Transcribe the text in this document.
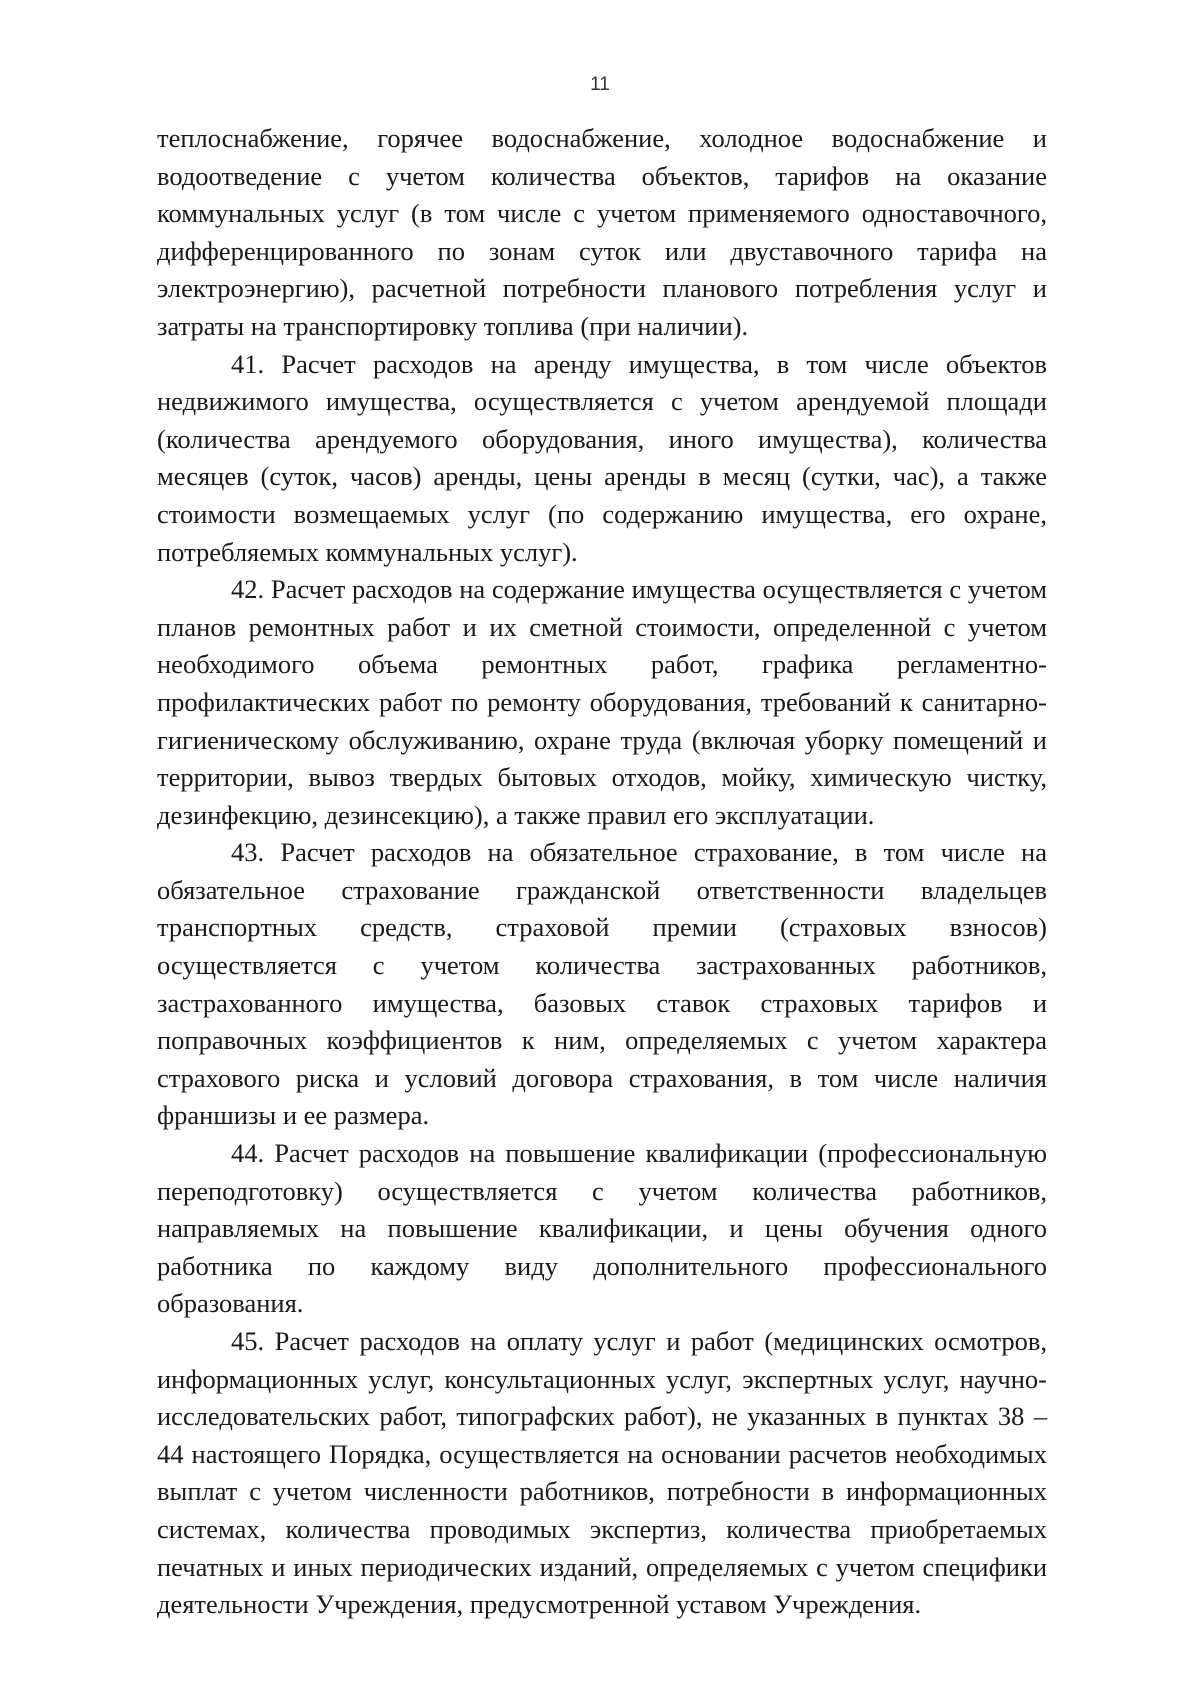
11

теплоснабжение, горячее водоснабжение, холодное водоснабжение и водоотведение с учетом количества объектов, тарифов на оказание коммунальных услуг (в том числе с учетом применяемого одноставочного, дифференцированного по зонам суток или двуставочного тарифа на электроэнергию), расчетной потребности планового потребления услуг и затраты на транспортировку топлива (при наличии).

41. Расчет расходов на аренду имущества, в том числе объектов недвижимого имущества, осуществляется с учетом арендуемой площади (количества арендуемого оборудования, иного имущества), количества месяцев (суток, часов) аренды, цены аренды в месяц (сутки, час), а также стоимости возмещаемых услуг (по содержанию имущества, его охране, потребляемых коммунальных услуг).

42. Расчет расходов на содержание имущества осуществляется с учетом планов ремонтных работ и их сметной стоимости, определенной с учетом необходимого объема ремонтных работ, графика регламентно-профилактических работ по ремонту оборудования, требований к санитарно-гигиеническому обслуживанию, охране труда (включая уборку помещений и территории, вывоз твердых бытовых отходов, мойку, химическую чистку, дезинфекцию, дезинсекцию), а также правил его эксплуатации.

43. Расчет расходов на обязательное страхование, в том числе на обязательное страхование гражданской ответственности владельцев транспортных средств, страховой премии (страховых взносов) осуществляется с учетом количества застрахованных работников, застрахованного имущества, базовых ставок страховых тарифов и поправочных коэффициентов к ним, определяемых с учетом характера страхового риска и условий договора страхования, в том числе наличия франшизы и ее размера.

44. Расчет расходов на повышение квалификации (профессиональную переподготовку) осуществляется с учетом количества работников, направляемых на повышение квалификации, и цены обучения одного работника по каждому виду дополнительного профессионального образования.

45. Расчет расходов на оплату услуг и работ (медицинских осмотров, информационных услуг, консультационных услуг, экспертных услуг, научно-исследовательских работ, типографских работ), не указанных в пунктах 38 – 44 настоящего Порядка, осуществляется на основании расчетов необходимых выплат с учетом численности работников, потребности в информационных системах, количества проводимых экспертиз, количества приобретаемых печатных и иных периодических изданий, определяемых с учетом специфики деятельности Учреждения, предусмотренной уставом Учреждения.
